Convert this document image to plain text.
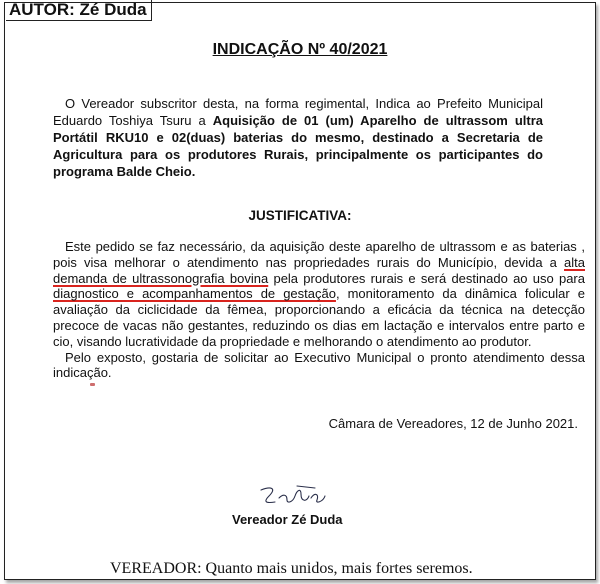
AUTOR: Zé Duda
INDICAÇÃO Nº 40/2021

O Vereador subscritor desta, na forma regimental, Indica ao Prefeito Municipal Eduardo Toshiya Tsuru a Aquisição de 01 (um) Aparelho de ultrassom ultra Portátil RKU10 e 02(duas) baterias do mesmo, destinado a Secretaria de Agricultura para os produtores Rurais, principalmente os participantes do programa Balde Cheio.

JUSTIFICATIVA:

Este pedido se faz necessário, da aquisição deste aparelho de ultrassom e as baterias , pois visa melhorar o atendimento nas propriedades rurais do Município, devida a alta demanda de ultrassonografia bovina pela produtores rurais e será destinado ao uso para diagnostico e acompanhamentos de gestação, monitoramento da dinâmica folicular e avaliação da ciclicidade da fêmea, proporcionando a eficácia da técnica na detecção precoce de vacas não gestantes, reduzindo os dias em lactação e intervalos entre parto e cio, visando lucratividade da propriedade e melhorando o atendimento ao produtor.

Pelo exposto, gostaria de solicitar ao Executivo Municipal o pronto atendimento dessa indicação.

Câmara de Vereadores, 12 de Junho 2021.
Vereador Zé Duda
VEREADOR: Quanto mais unidos, mais fortes seremos.
